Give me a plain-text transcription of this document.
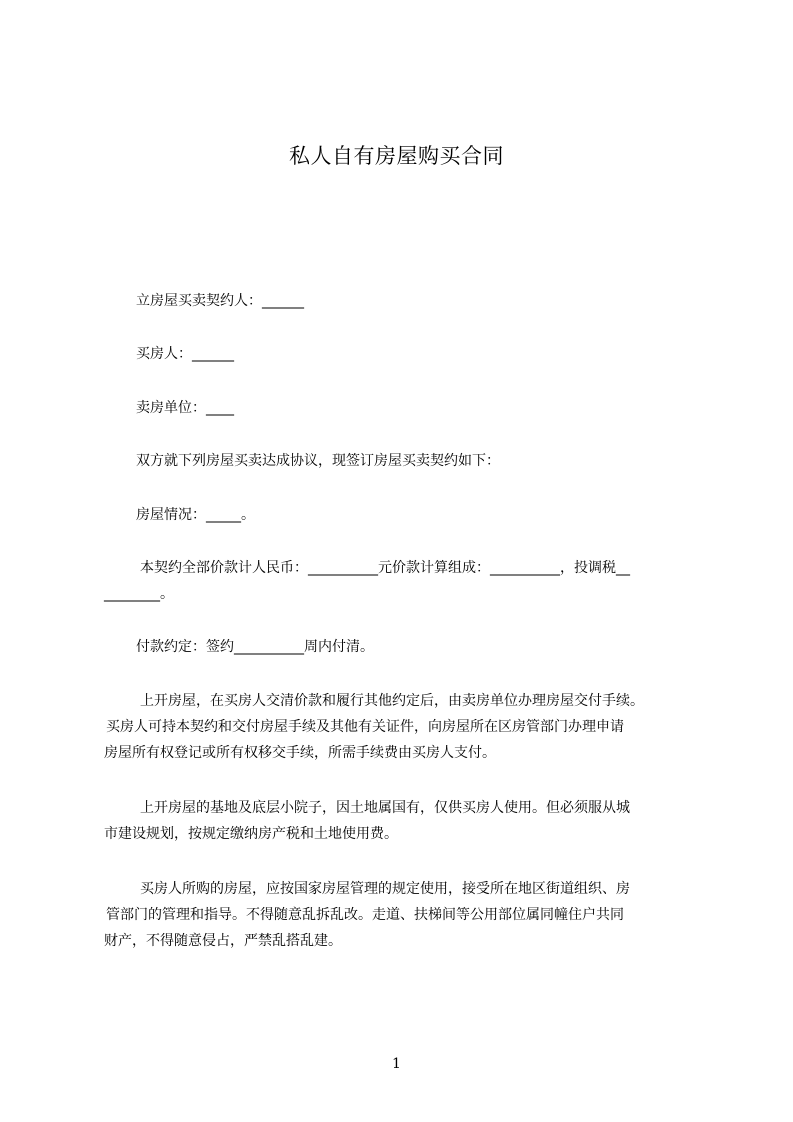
私人自有房屋购买合同
立房屋买卖契约人：______
买房人：______
卖房单位：____
双方就下列房屋买卖达成协议，现签订房屋买卖契约如下：
房屋情况：_____。
本契约全部价款计人民币：__________元价款计算组成：__________，投调税__
________。
付款约定：签约__________周内付清。
上开房屋，在买房人交清价款和履行其他约定后，由卖房单位办理房屋交付手续。
买房人可持本契约和交付房屋手续及其他有关证件，向房屋所在区房管部门办理申请
房屋所有权登记或所有权移交手续，所需手续费由买房人支付。
上开房屋的基地及底层小院子，因土地属国有，仅供买房人使用。但必须服从城
市建设规划，按规定缴纳房产税和土地使用费。
买房人所购的房屋，应按国家房屋管理的规定使用，接受所在地区街道组织、房
管部门的管理和指导。不得随意乱拆乱改。走道、扶梯间等公用部位属同幢住户共同
财产，不得随意侵占，严禁乱搭乱建。
1
